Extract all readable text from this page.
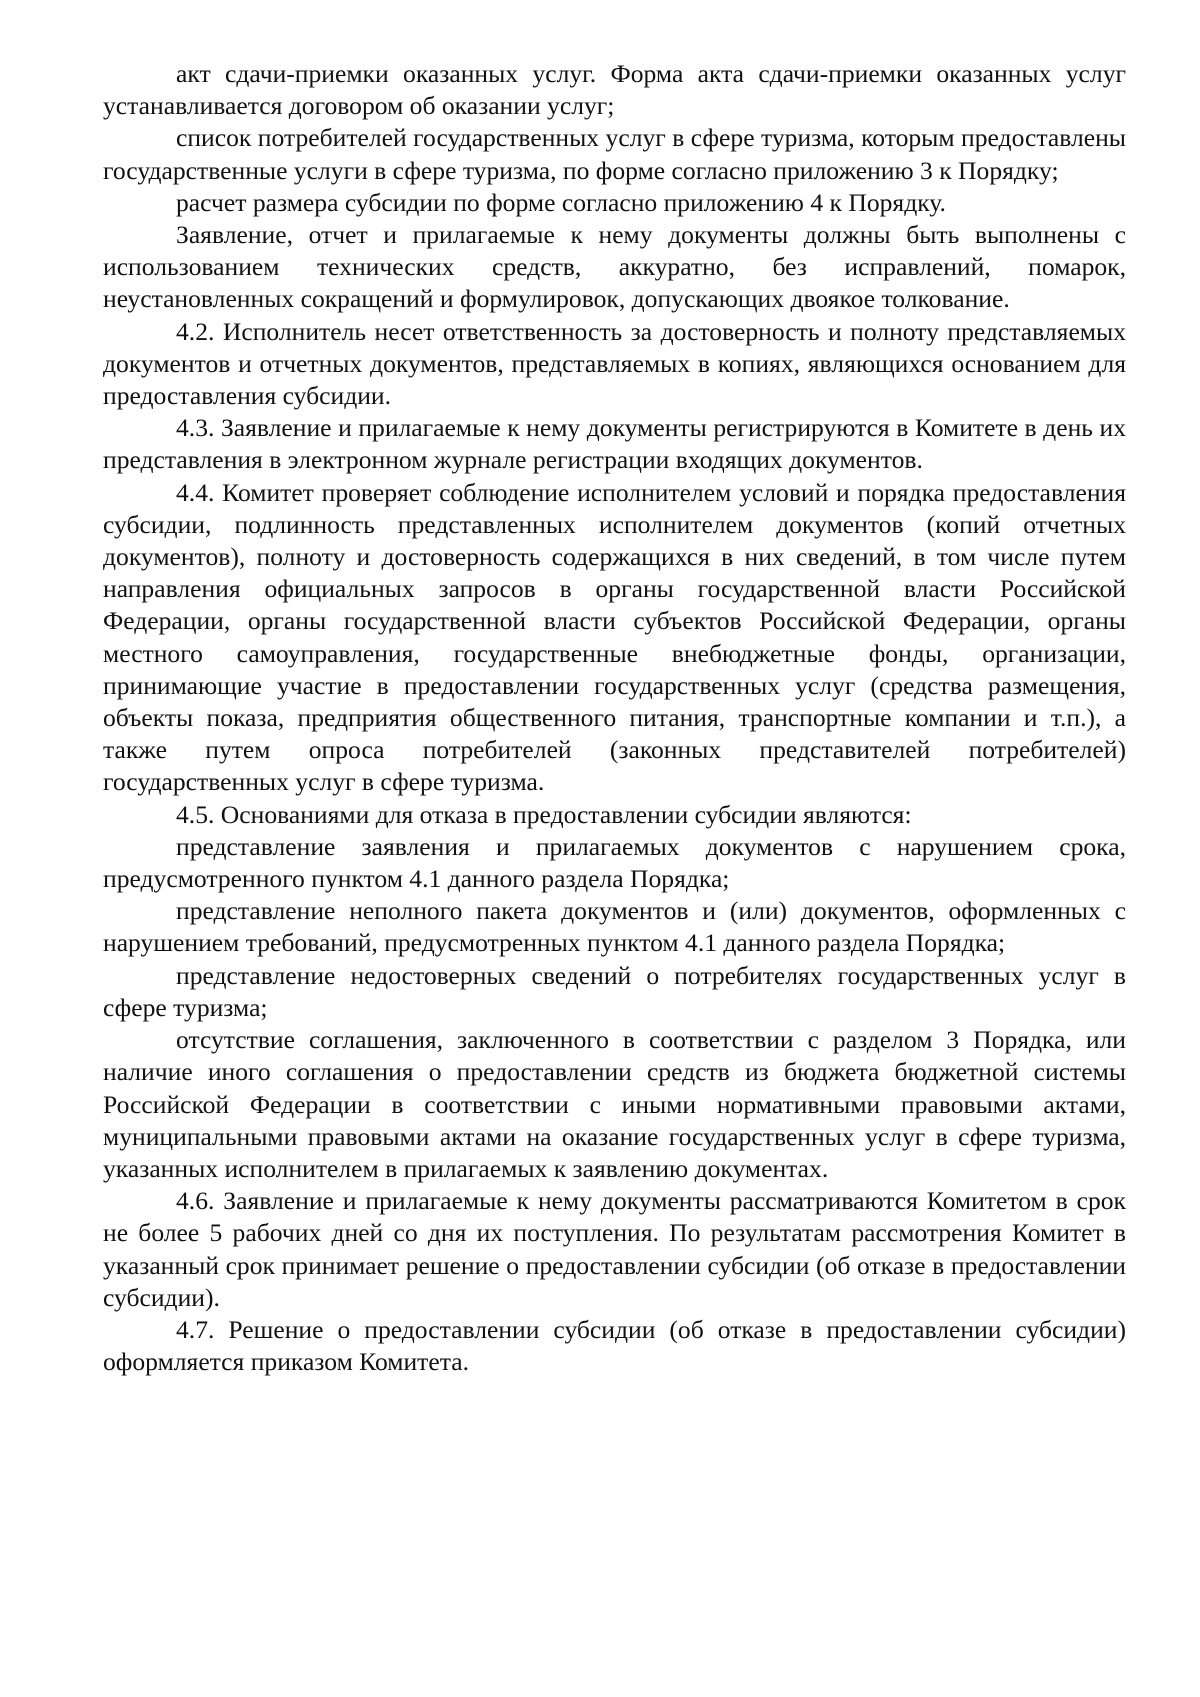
акт сдачи-приемки оказанных услуг. Форма акта сдачи-приемки оказанных услуг устанавливается договором об оказании услуг;

список потребителей государственных услуг в сфере туризма, которым предоставлены государственные услуги в сфере туризма, по форме согласно приложению 3 к Порядку;

расчет размера субсидии по форме согласно приложению 4 к Порядку.

Заявление, отчет и прилагаемые к нему документы должны быть выполнены с использованием технических средств, аккуратно, без исправлений, помарок, неустановленных сокращений и формулировок, допускающих двоякое толкование.

4.2. Исполнитель несет ответственность за достоверность и полноту представляемых документов и отчетных документов, представляемых в копиях, являющихся основанием для предоставления субсидии.

4.3. Заявление и прилагаемые к нему документы регистрируются в Комитете в день их представления в электронном журнале регистрации входящих документов.

4.4. Комитет проверяет соблюдение исполнителем условий и порядка предоставления субсидии, подлинность представленных исполнителем документов (копий отчетных документов), полноту и достоверность содержащихся в них сведений, в том числе путем направления официальных запросов в органы государственной власти Российской Федерации, органы государственной власти субъектов Российской Федерации, органы местного самоуправления, государственные внебюджетные фонды, организации, принимающие участие в предоставлении государственных услуг (средства размещения, объекты показа, предприятия общественного питания, транспортные компании и т.п.), а также путем опроса потребителей (законных представителей потребителей) государственных услуг в сфере туризма.

4.5. Основаниями для отказа в предоставлении субсидии являются:

представление заявления и прилагаемых документов с нарушением срока, предусмотренного пунктом 4.1 данного раздела Порядка;

представление неполного пакета документов и (или) документов, оформленных с нарушением требований, предусмотренных пунктом 4.1 данного раздела Порядка;

представление недостоверных сведений о потребителях государственных услуг в сфере туризма;

отсутствие соглашения, заключенного в соответствии с разделом 3 Порядка, или наличие иного соглашения о предоставлении средств из бюджета бюджетной системы Российской Федерации в соответствии с иными нормативными правовыми актами, муниципальными правовыми актами на оказание государственных услуг в сфере туризма, указанных исполнителем в прилагаемых к заявлению документах.

4.6. Заявление и прилагаемые к нему документы рассматриваются Комитетом в срок не более 5 рабочих дней со дня их поступления. По результатам рассмотрения Комитет в указанный срок принимает решение о предоставлении субсидии (об отказе в предоставлении субсидии).

4.7. Решение о предоставлении субсидии (об отказе в предоставлении субсидии) оформляется приказом Комитета.
